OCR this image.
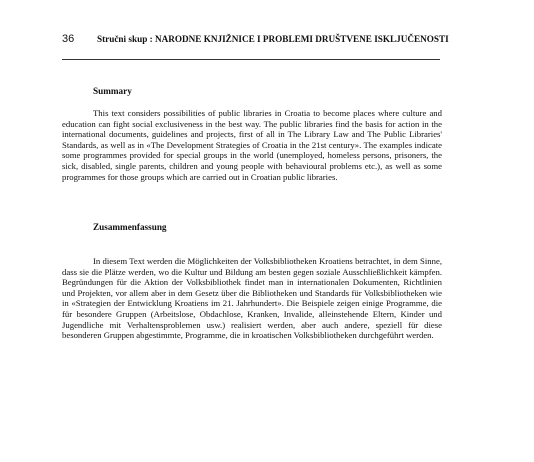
36 Stručni skup : NARODNE KNJIŽNICE I PROBLEMI DRUŠTVENE ISKLJUČENOSTI
Summary

This text considers possibilities of public libraries in Croatia to become places where culture and education can fight social exclusiveness in the best way. The public libraries find the basis for action in the international documents, guidelines and projects, first of all in The Library Law and The Public Libraries' Standards, as well as in «The Development Strategies of Croatia in the 21st century». The examples indicate some programmes provided for special groups in the world (unemployed, homeless persons, prisoners, the sick, disabled, single parents, children and young people with behavioural problems etc.), as well as some programmes for those groups which are carried out in Croatian public libraries.

Zusammenfassung

In diesem Text werden die Möglichkeiten der Volksbibliotheken Kroatiens betrachtet, in dem Sinne, dass sie die Plätze werden, wo die Kultur und Bildung am besten gegen soziale Ausschließlichkeit kämpfen. Begründungen für die Aktion der Volksbibliothek findet man in internationalen Dokumenten, Richtlinien und Projekten, vor allem aber in dem Gesetz über die Bibliotheken und Standards für Volksbibliotheken wie in «Strategien der Entwicklung Kroatiens im 21. Jahrhundert». Die Beispiele zeigen einige Programme, die für besondere Gruppen (Arbeitslose, Obdachlose, Kranken, Invalide, alleinstehende Eltern, Kinder und Jugendliche mit Verhaltensproblemen usw.) realisiert werden, aber auch andere, speziell für diese besonderen Gruppen abgestimmte, Programme, die in kroatischen Volksbibliotheken durchgeführt werden.
